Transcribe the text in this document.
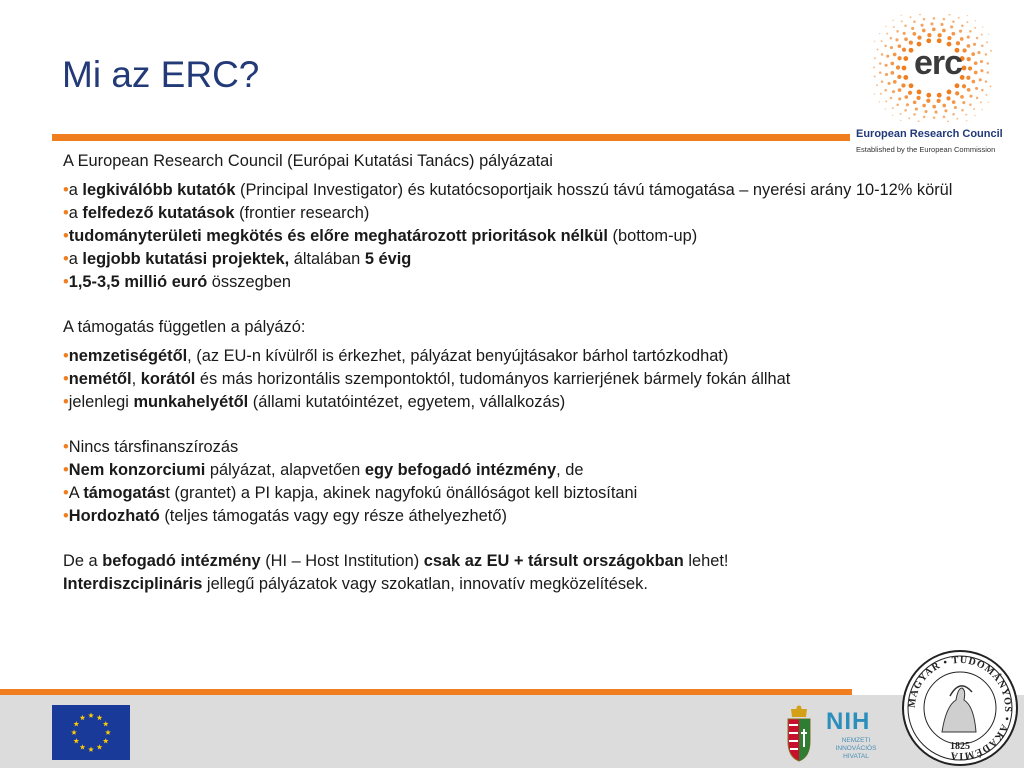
Mi az ERC?	erc
European Research Council
Established by the European Commission

A European Research Council (Európai Kutatási Tanács) pályázatai

•a legkiválóbb kutatók (Principal Investigator) és kutatócsoportjaik hosszú távú támogatása – nyerési arány 10-12% körül
•a felfedező kutatások (frontier research)
•tudományterületi megkötés és előre meghatározott prioritások nélkül (bottom-up)
•a legjobb kutatási projektek, általában 5 évig
•1,5-3,5 millió euró összegben

A támogatás független a pályázó:

•nemzetiségétől, (az EU-n kívülről is érkezhet, pályázat benyújtásakor bárhol tartózkodhat)
•nemétől, korától és más horizontális szempontoktól, tudományos karrierjének bármely fokán állhat
•jelenlegi munkahelyétől (állami kutatóintézet, egyetem, vállalkozás)
•Nincs társfinanszírozás
•Nem konzorciumi pályázat, alapvetően egy befogadó intézmény, de
•A támogatást (grantet) a PI kapja, akinek nagyfokú önállóságot kell biztosítani
•Hordozható (teljes támogatás vagy egy része áthelyezhető)

De a befogadó intézmény (HI – Host Institution) csak az EU + társult országokban lehet!

Interdiszciplináris jellegű pályázatok vagy szokatlan, innovatív megközelítések.

NIH
NEMZETI INNOVÁCIÓS HIVATAL
MAGYAR • TUDOMÁNYOS • AKADÉMIA
1825
